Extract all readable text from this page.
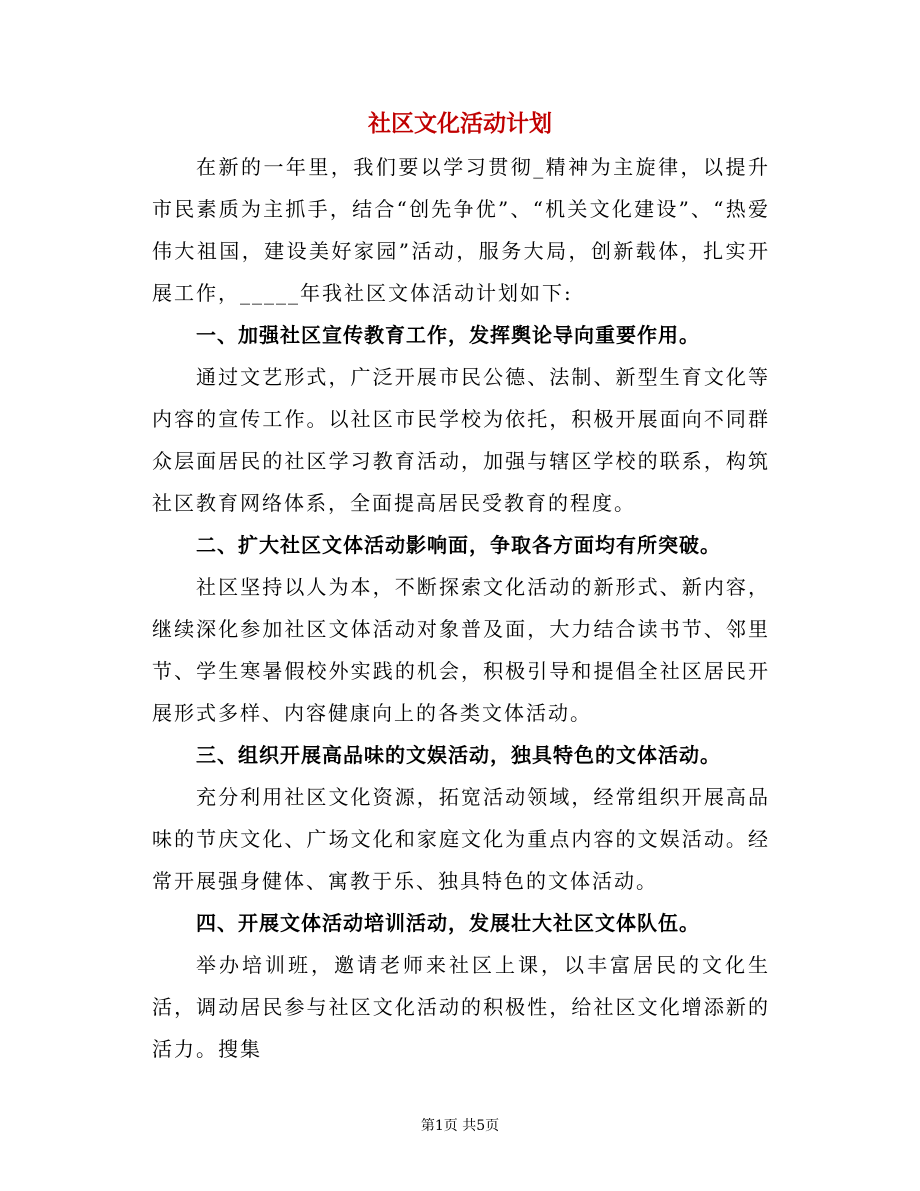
社区文化活动计划

在新的一年里，我们要以学习贯彻_精神为主旋律，以提升市民素质为主抓手，结合“创先争优”、“机关文化建设”、“热爱伟大祖国，建设美好家园”活动，服务大局，创新载体，扎实开展工作，_____年我社区文体活动计划如下:

一、加强社区宣传教育工作，发挥舆论导向重要作用。

通过文艺形式，广泛开展市民公德、法制、新型生育文化等内容的宣传工作。以社区市民学校为依托，积极开展面向不同群众层面居民的社区学习教育活动，加强与辖区学校的联系，构筑社区教育网络体系，全面提高居民受教育的程度。

二、扩大社区文体活动影响面，争取各方面均有所突破。

社区坚持以人为本，不断探索文化活动的新形式、新内容，继续深化参加社区文体活动对象普及面，大力结合读书节、邻里节、学生寒暑假校外实践的机会，积极引导和提倡全社区居民开展形式多样、内容健康向上的各类文体活动。

三、组织开展高品味的文娱活动，独具特色的文体活动。

充分利用社区文化资源，拓宽活动领域，经常组织开展高品味的节庆文化、广场文化和家庭文化为重点内容的文娱活动。经常开展强身健体、寓教于乐、独具特色的文体活动。

四、开展文体活动培训活动，发展壮大社区文体队伍。

举办培训班，邀请老师来社区上课，以丰富居民的文化生活，调动居民参与社区文化活动的积极性，给社区文化增添新的活力。搜集

第1页 共5页
